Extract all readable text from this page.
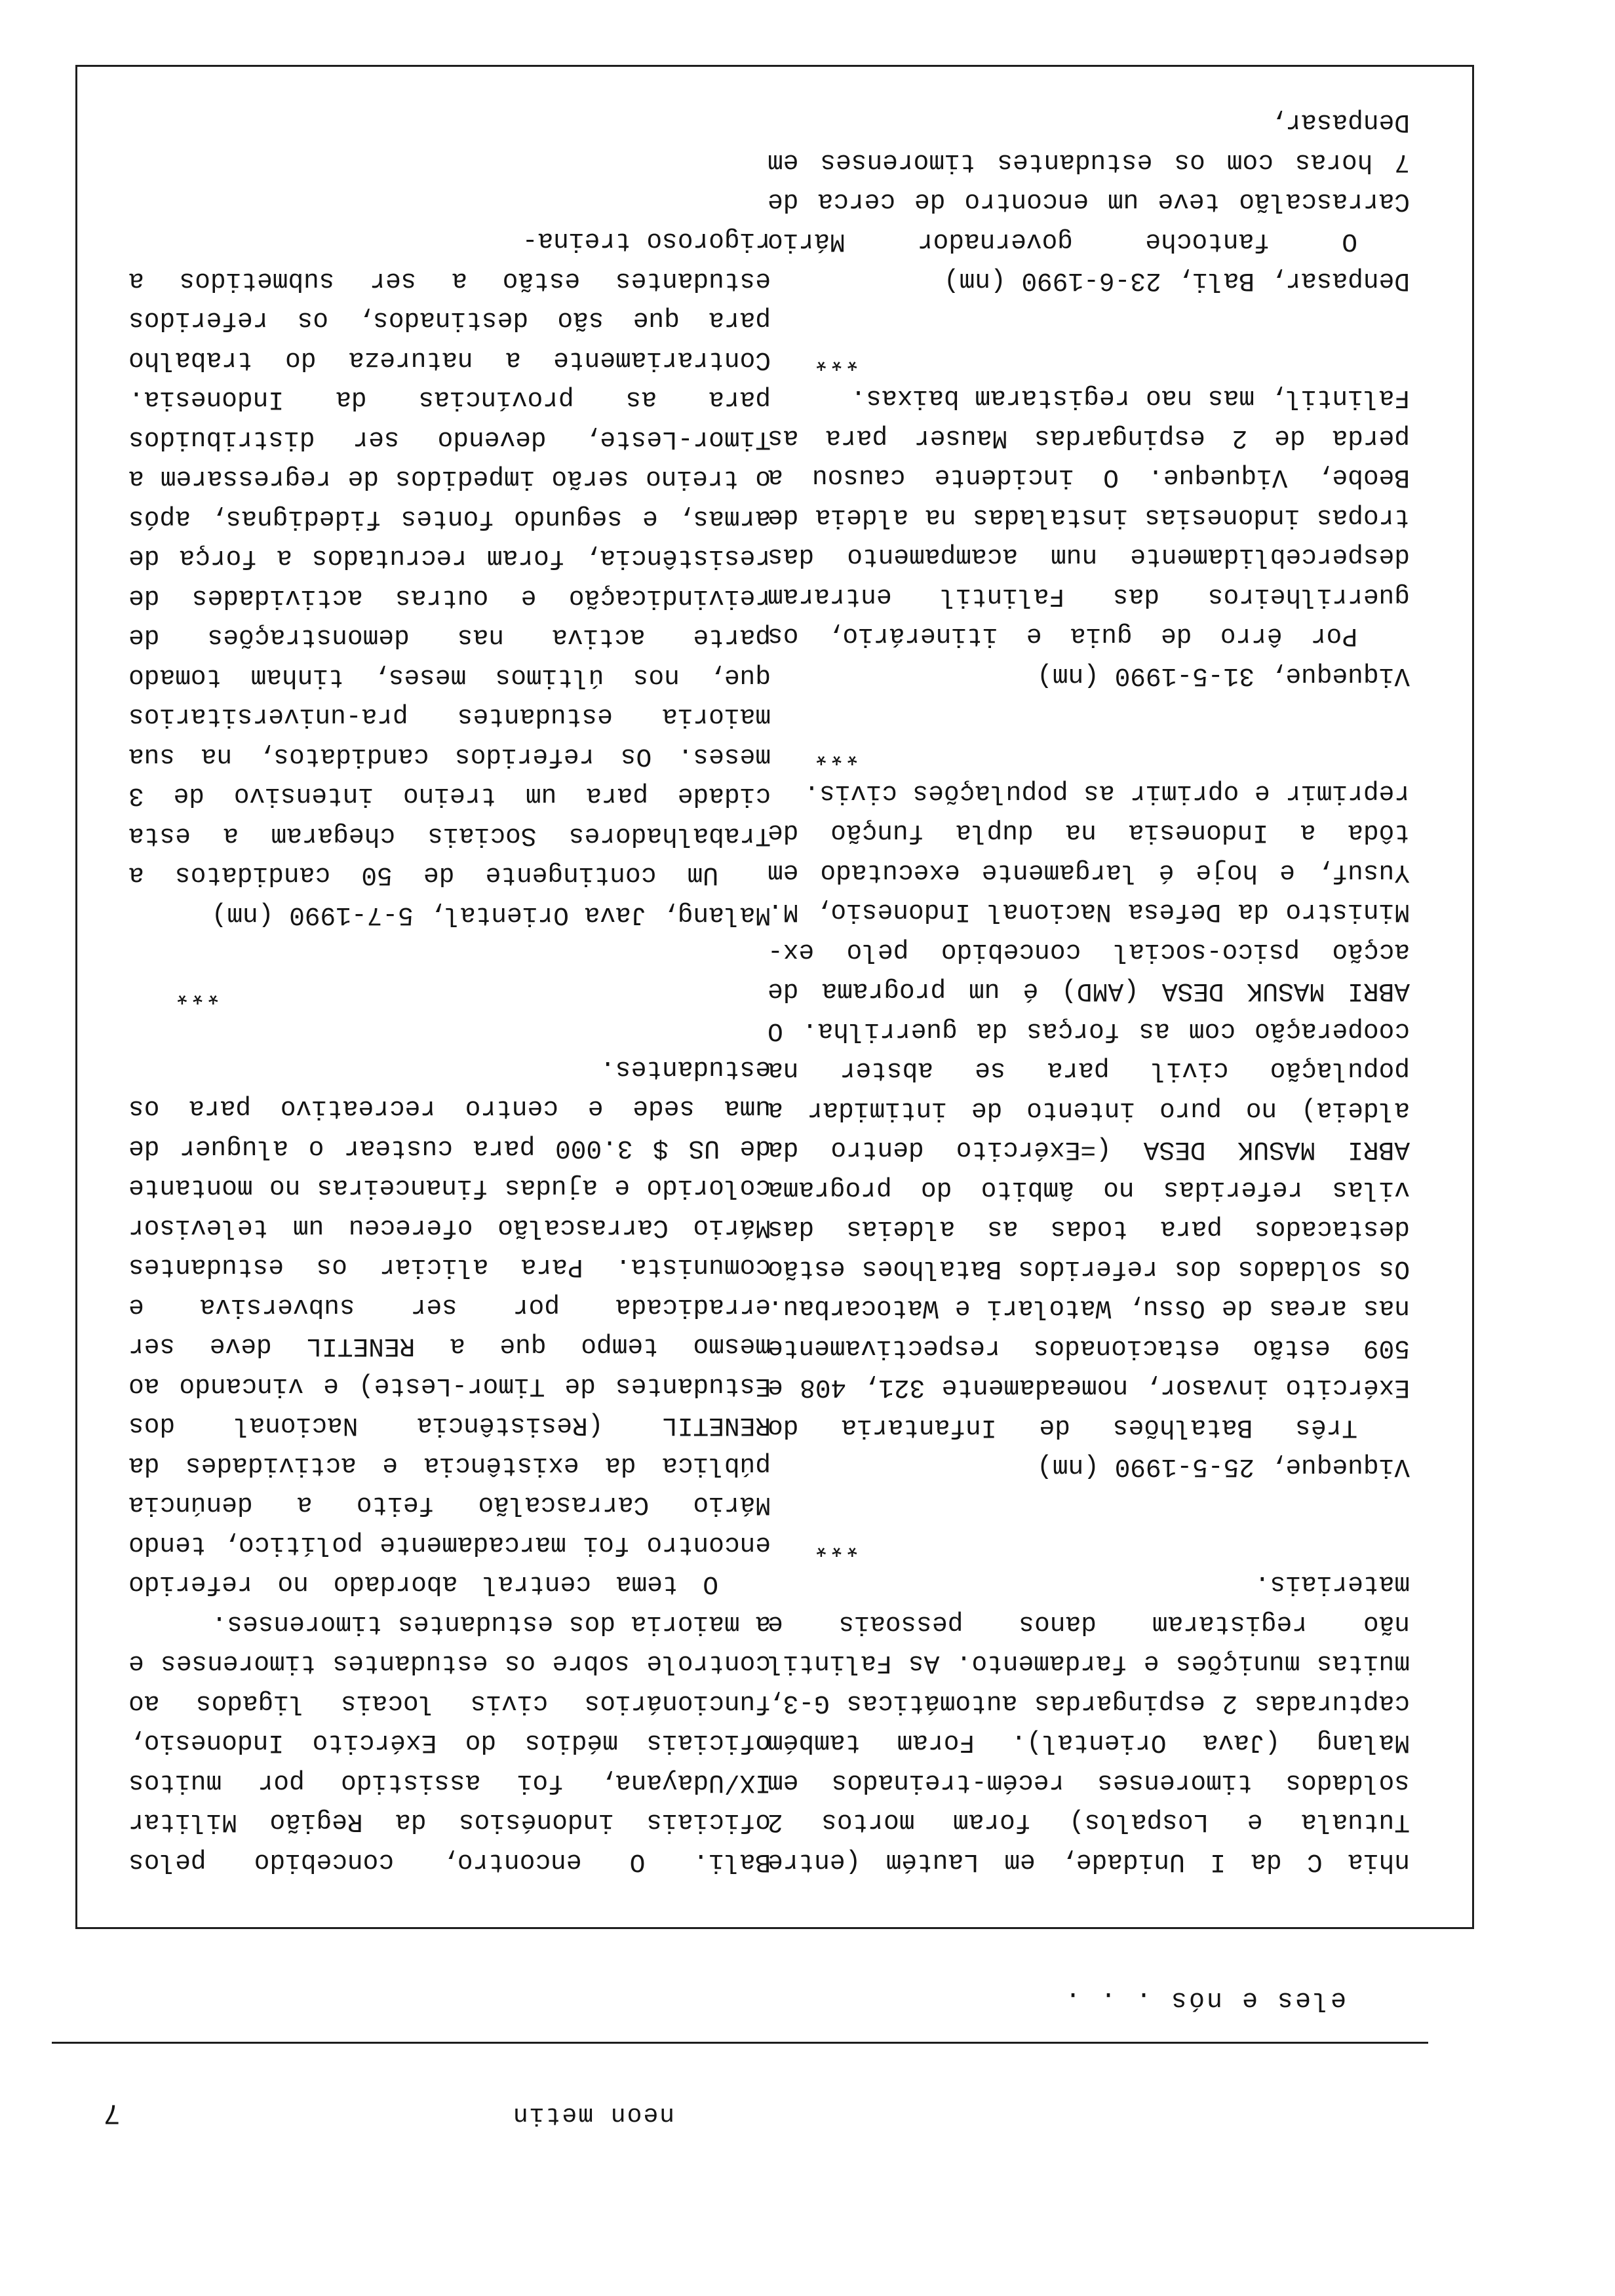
7	neon metin
eles e nós . . .

nhia C da I Unidade, em Lautém (entre Tutuala e Lospalos) foram mortos 2 soldados timorenses recém-treinados em Malang (Java Oriental). Foram também capturadas 2 espingardas automáticas G-3, muitas munições e fardamento. As Falintil não registaram danos pessoais e materiais.

***

Viqueque, 25-5-1990 (nm)

Três Batalhões de Infantaria do Exército invasor, nomeadamente 321, 408 e 509 estão estacionados respectivamente nas areas de Ossu, Watolari e Watocarbau. Os soldados dos referidos Batalhoes estão destacados para todas as aldeias das vilas referidas no âmbito do programa ABRI MASUK DESA (=Exército dentro da aldeia) no puro intento de intimidar a população civil para se abster na cooperação com as forças da guerrilha. O ABRI MASUK DESA (AMD) é um programa de acção psico-social concebido pelo ex-Ministro da Defesa Nacional Indonesio, M. Yusuf, e hoje é largamente executado em tôda a Indonesia na dupla função de reprimir e oprimir as populações civis.

***

Viqueque, 31-5-1990 (nm)

Por êrro de guia e itinerário, os guerrilheiros das Falintil entraram desperceblidamente num acampamento das tropas indonesias instaladas na aldeia de Beobe, Viqueque. O incidente causou a perda de 2 espingardas Mauser para as Falintil, mas nao registaram baixas.

***

Denpasar, Bali, 23-6-1990 (nm)

O fantoche governador Mário Carrascalão teve um encontro de cerca de 7 horas com os estudantes timorenses em Denpasar,

Bali. O encontro, concebido pelos oficiais indonésios da Região Militar IX/Udayana, foi assistido por muitos oficiais médios do Exército Indonesio, funcionários civis locais ligados ao controle sobre os estudantes timorenses e a maioria dos estudantes timorenses.

O tema central abordado no referido encontro foi marcadamente político, tendo Mário Carrascalão feito a denúncia pública da existência e actividades da RENETIL (Resistência Nacional dos Estudantes de Timor-Leste) e vincando ao mesmo tempo que a RENETIL deve ser erradicada por ser subversiva e comunista. Para aliciar os estudantes Mário Carrascalão ofereceu um televisor colorido e ajudas financeiras no montante de US $ 3.000 para custear o aluguer de uma sede e centro recreativo para os estudantes.

***

Malang, Java Oriental, 5-7-1990 (nm)

Um contingente de 50 candidatos a Trabalhadores Sociais chegaram a esta cidade para um treino intensivo de 3 meses. Os referidos candidatos, na sua maioria estudantes pra-universitarios que, nos últimos meses, tinham tomado parte activa nas demonstrações de reivindicação e outras actividades de resistência, foram recrutados a força de armas, e segundo fontes fidedignas, após o treino serão impedidos de regressarem a Timor-Leste, devendo ser distribuidos para as províncias da Indonesia. Contrariamente a natureza do trabalho para que são destinados, os referidos estudantes estão a ser submetidos a rigoroso treina-
